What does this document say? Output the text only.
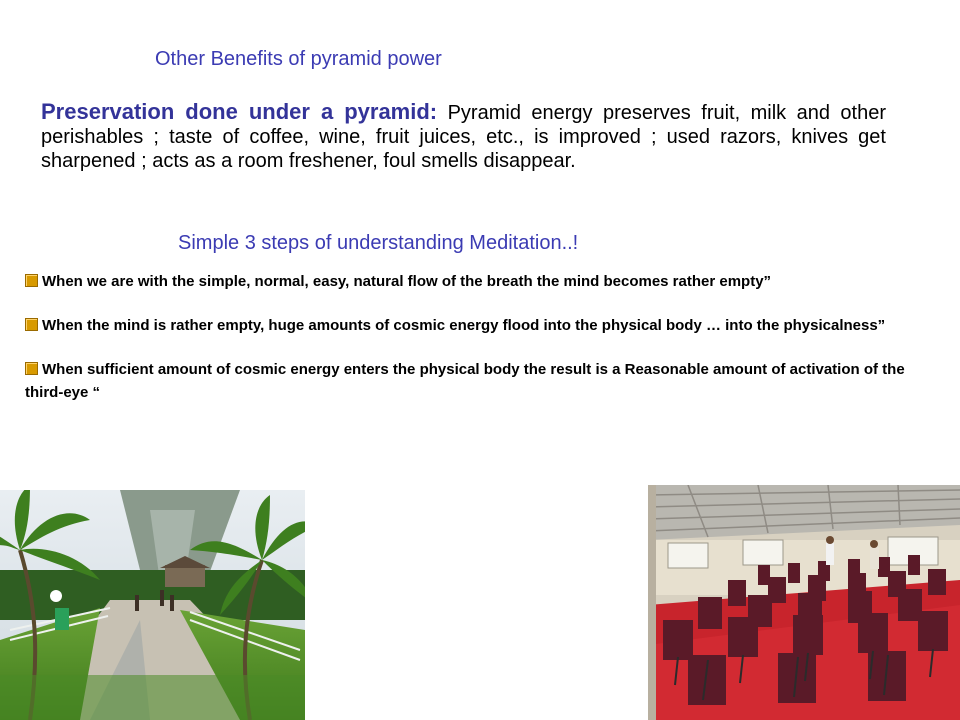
Other Benefits of pyramid power
Preservation done under a pyramid: Pyramid energy preserves fruit, milk and other perishables ; taste of coffee, wine, fruit juices, etc., is improved ; used razors, knives get sharpened ; acts as a room freshener, foul smells disappear.
Simple 3 steps of understanding Meditation..!
When we are with the simple, normal, easy, natural flow of the breath the mind becomes rather empty”
When the mind is rather empty, huge amounts of cosmic energy flood into the physical body … into the physicalness”
When sufficient amount of cosmic energy enters the physical body the result is a Reasonable amount of activation of the third-eye “
